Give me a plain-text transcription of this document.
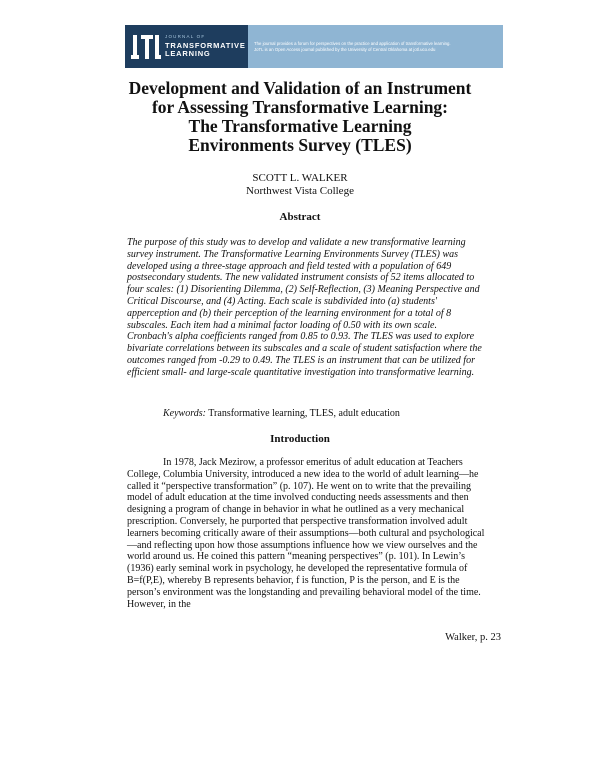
JOURNAL OF
TRANSFORMATIVE
LEARNING
The journal provides a forum for perspectives on the practice and application of transformative learning.
JoTL is an Open Access journal published by the University of Central Oklahoma at jotl.uco.edu
Development and Validation of an Instrument
for Assessing Transformative Learning:
The Transformative Learning
Environments Survey (TLES)
SCOTT L. WALKER
Northwest Vista College
Abstract

The purpose of this study was to develop and validate a new transformative learning survey instrument. The Transformative Learning Environments Survey (TLES) was developed using a three-stage approach and field tested with a population of 649 postsecondary students. The new validated instrument consists of 52 items allocated to four scales: (1) Disorienting Dilemma, (2) Self-Reflection, (3) Meaning Perspective and Critical Discourse, and (4) Acting. Each scale is subdivided into (a) students' apperception and (b) their perception of the learning environment for a total of 8 subscales. Each item had a minimal factor loading of 0.50 with its own scale. Cronbach's alpha coefficients ranged from 0.85 to 0.93. The TLES was used to explore bivariate correlations between its subscales and a scale of student satisfaction where the outcomes ranged from -0.29 to 0.49. The TLES is an instrument that can be utilized for efficient small- and large-scale quantitative investigation into transformative learning.

Keywords: Transformative learning, TLES, adult education
Introduction

In 1978, Jack Mezirow, a professor emeritus of adult education at Teachers College, Columbia University, introduced a new idea to the world of adult learning—he called it “perspective transformation” (p. 107). He went on to write that the prevailing model of adult education at the time involved conducting needs assessments and then designing a program of change in behavior in what he outlined as a very mechanical prescription. Conversely, he purported that perspective transformation involved adult learners becoming critically aware of their assumptions—both cultural and psychological—and reflecting upon how those assumptions influence how we view ourselves and the world around us. He coined this pattern “meaning perspectives” (p. 101). In Lewin’s (1936) early seminal work in psychology, he developed the representative formula of B=f(P,E), whereby B represents behavior, f is function, P is the person, and E is the person’s environment was the longstanding and prevailing behavioral model of the time. However, in the

Walker, p. 23
